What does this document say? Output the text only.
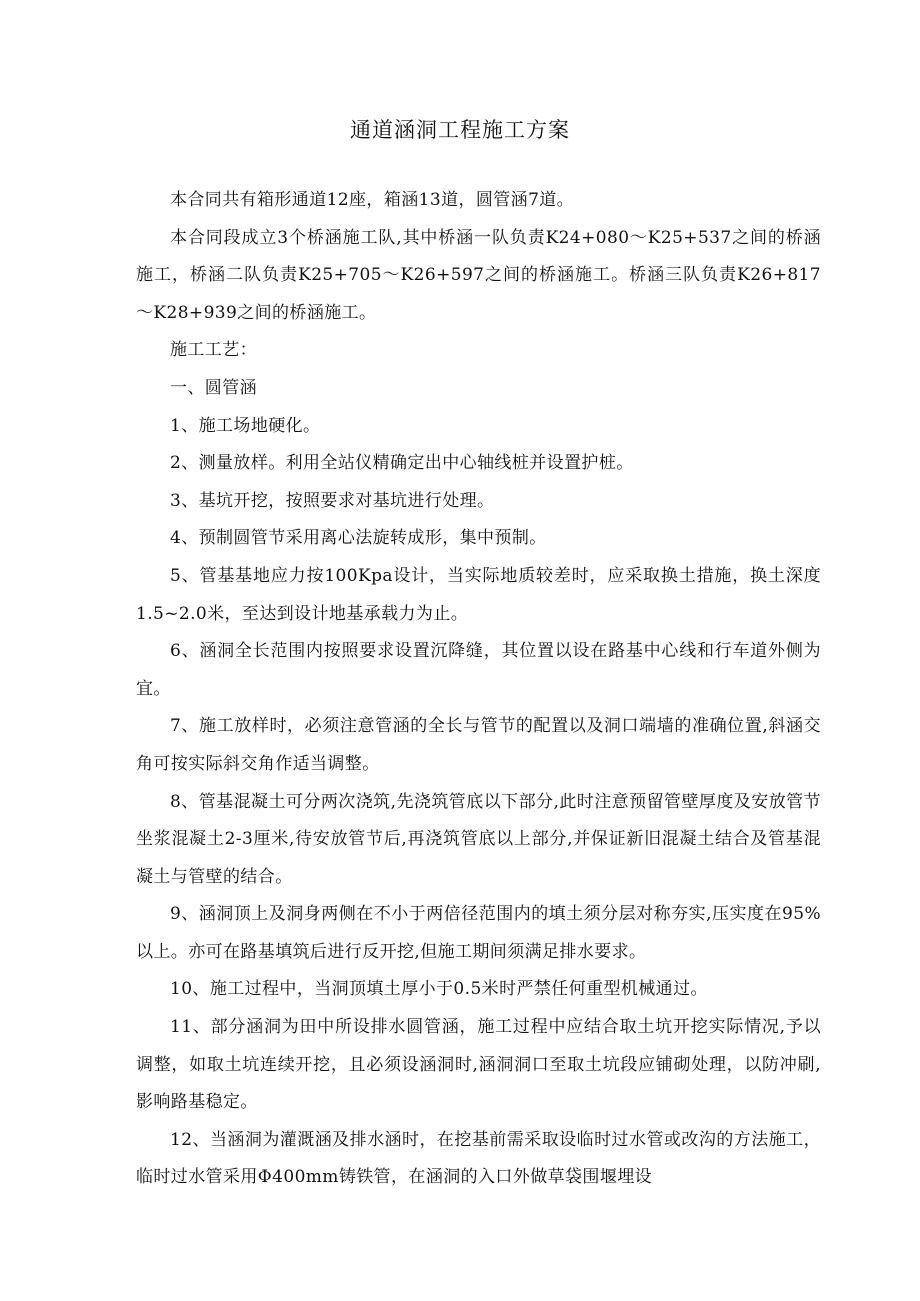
通道涵洞工程施工方案

本合同共有箱形通道12座，箱涵13道，圆管涵7道。

本合同段成立3个桥涵施工队,其中桥涵一队负责K24+080～K25+537之间的桥涵施工，桥涵二队负责K25+705～K26+597之间的桥涵施工。桥涵三队负责K26+817～K28+939之间的桥涵施工。

施工工艺：

一、圆管涵

1、施工场地硬化。

2、测量放样。利用全站仪精确定出中心轴线桩并设置护桩。

3、基坑开挖，按照要求对基坑进行处理。

4、预制圆管节采用离心法旋转成形，集中预制。

5、管基基地应力按100Kpa设计，当实际地质较差时，应采取换土措施，换土深度1.5~2.0米，至达到设计地基承载力为止。

6、涵洞全长范围内按照要求设置沉降缝，其位置以设在路基中心线和行车道外侧为宜。

7、施工放样时，必须注意管涵的全长与管节的配置以及洞口端墙的准确位置,斜涵交角可按实际斜交角作适当调整。

8、管基混凝土可分两次浇筑,先浇筑管底以下部分,此时注意预留管壁厚度及安放管节坐浆混凝土2-3厘米,待安放管节后,再浇筑管底以上部分,并保证新旧混凝土结合及管基混凝土与管壁的结合。

9、涵洞顶上及洞身两侧在不小于两倍径范围内的填土须分层对称夯实,压实度在95%以上。亦可在路基填筑后进行反开挖,但施工期间须满足排水要求。

10、施工过程中，当洞顶填土厚小于0.5米时严禁任何重型机械通过。

11、部分涵洞为田中所设排水圆管涵，施工过程中应结合取土坑开挖实际情况,予以调整，如取土坑连续开挖，且必须设涵洞时,涵洞洞口至取土坑段应铺砌处理，以防冲刷,影响路基稳定。

12、当涵洞为灌溉涵及排水涵时，在挖基前需采取设临时过水管或改沟的方法施工，临时过水管采用Φ400mm铸铁管，在涵洞的入口外做草袋围堰埋设
